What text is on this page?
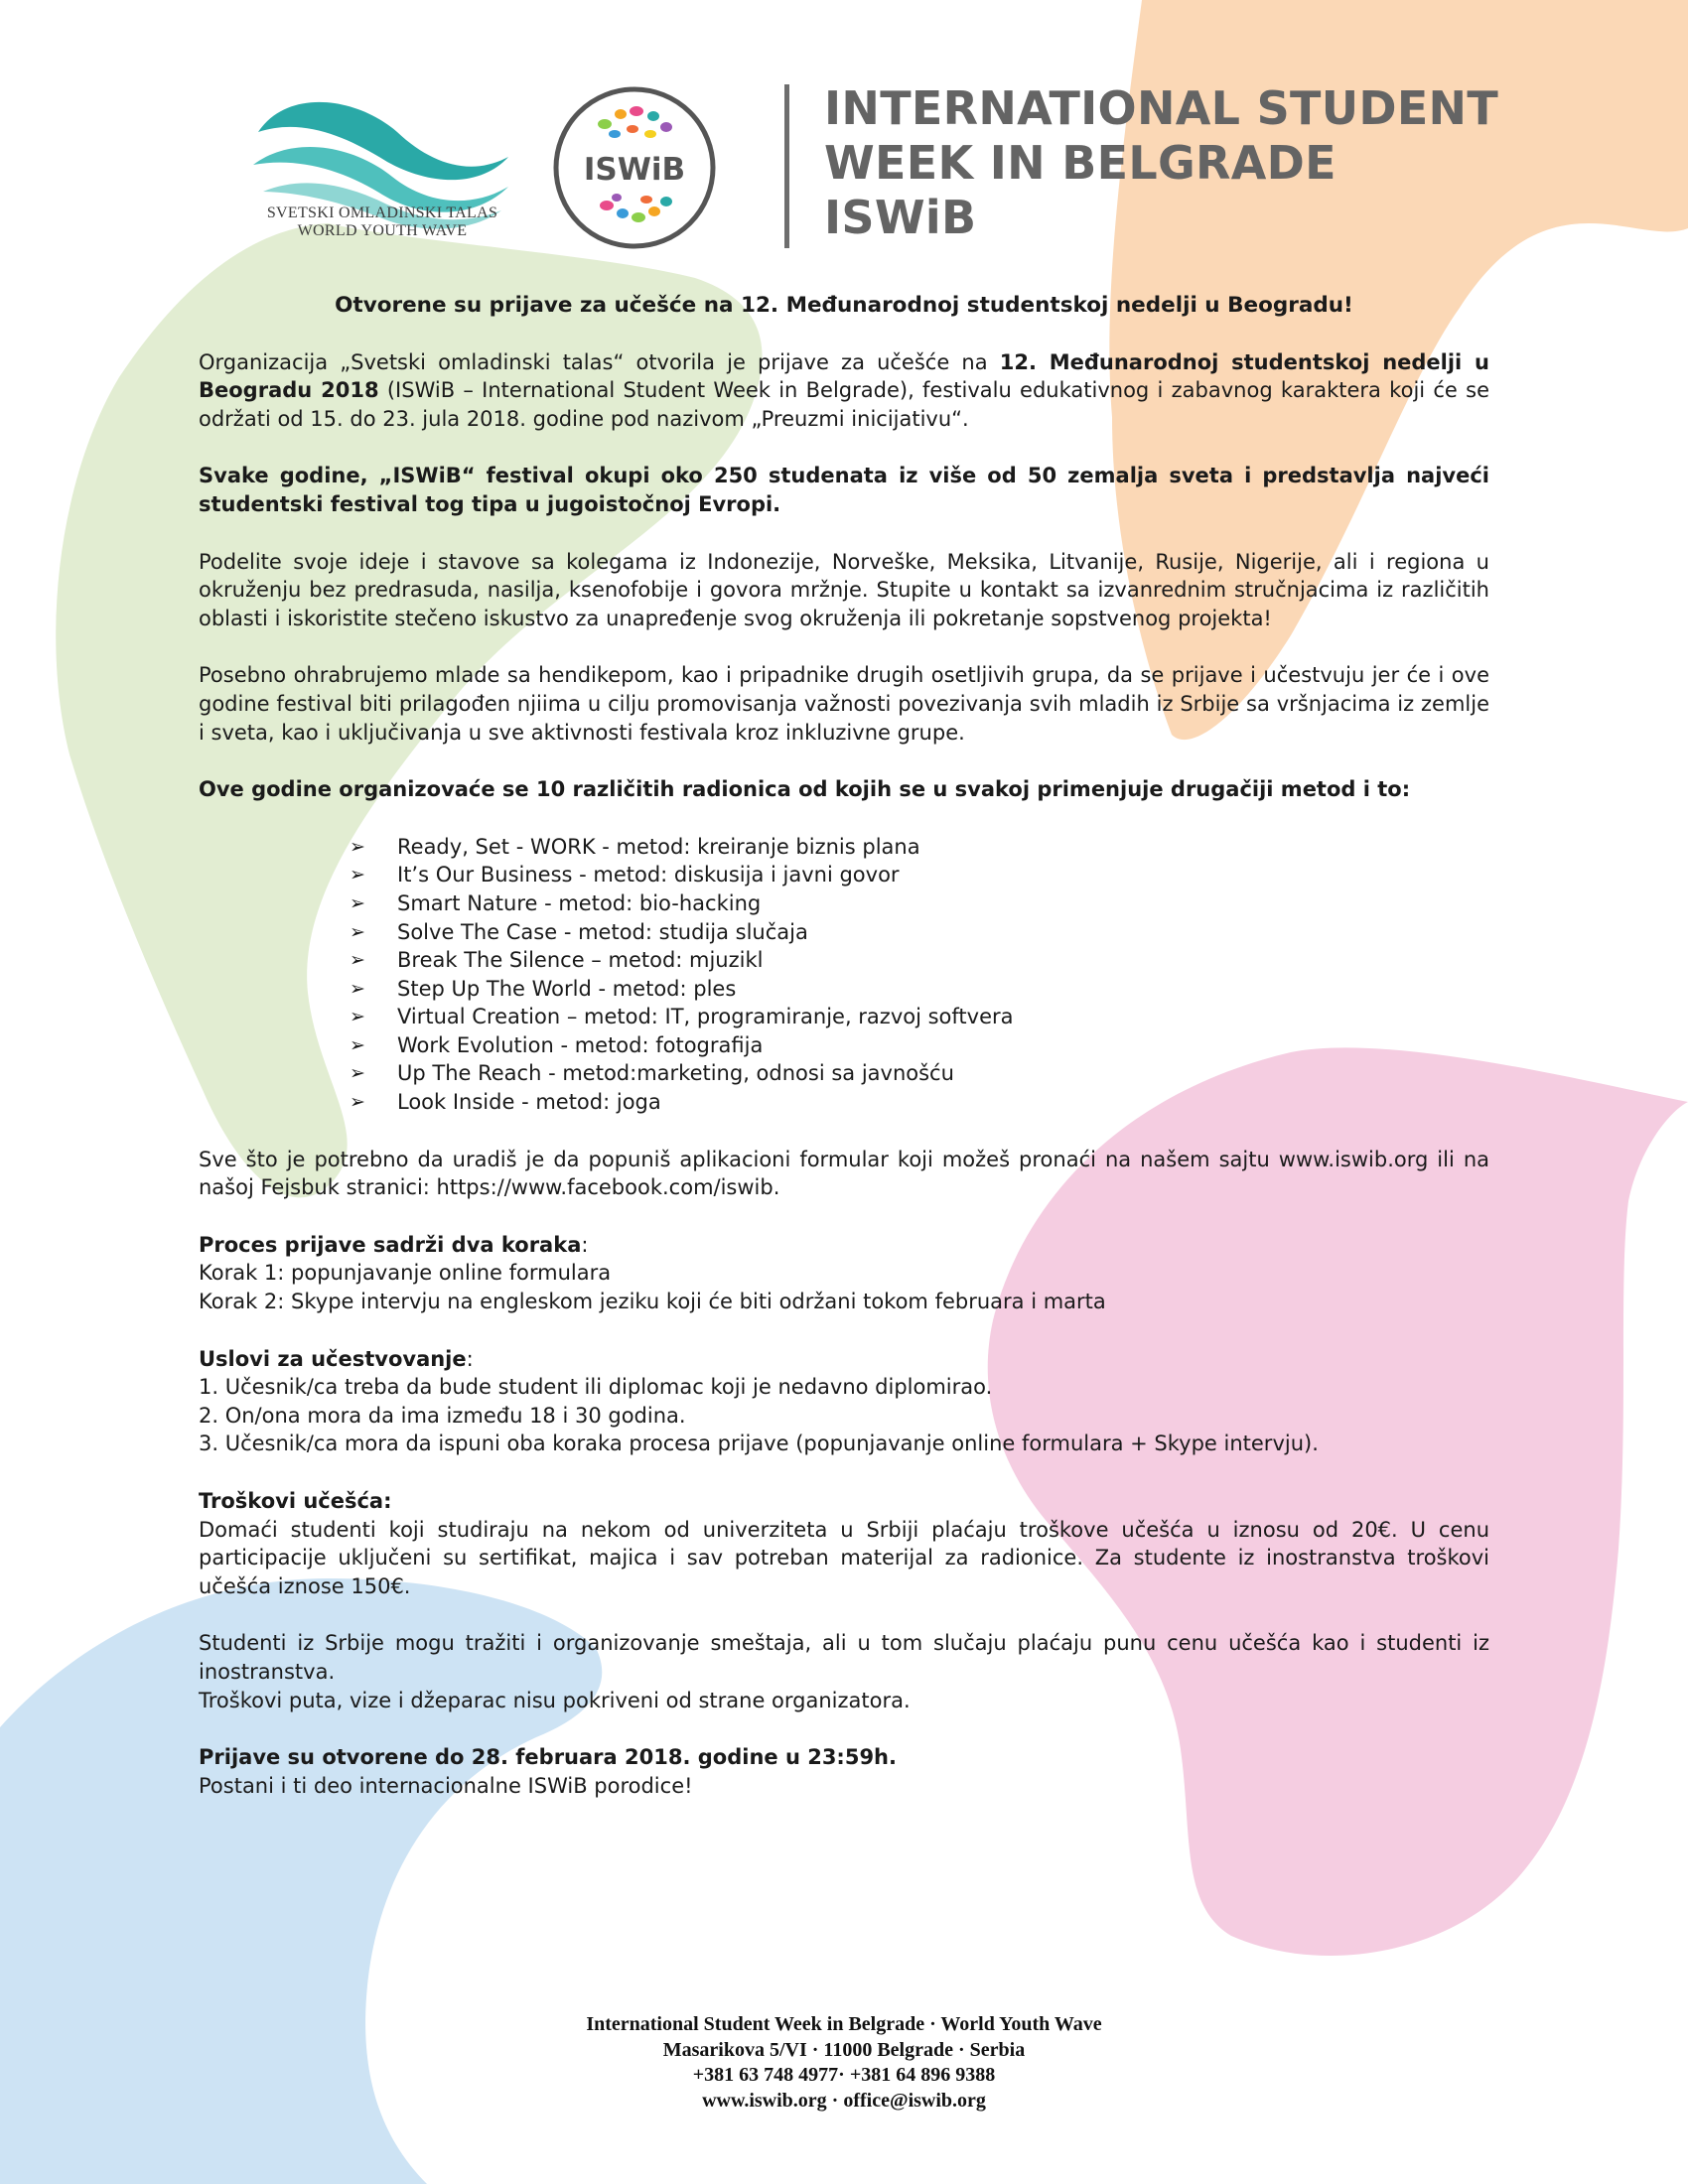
SVETSKI OMLADINSKI TALAS
WORLD YOUTH WAVE
ISWiB
INTERNATIONAL STUDENT
WEEK IN BELGRADE
ISWiB

Otvorene su prijave za učešće na 12. Međunarodnoj studentskoj nedelji u Beogradu!

Organizacija „Svetski omladinski talas“ otvorila je prijave za učešće na 12. Međunarodnoj studentskoj nedelji u Beogradu 2018 (ISWiB – International Student Week in Belgrade), festivalu edukativnog i zabavnog karaktera koji će se održati od 15. do 23. jula 2018. godine pod nazivom „Preuzmi inicijativu“.

Svake godine, „ISWiB“ festival okupi oko 250 studenata iz više od 50 zemalja sveta i predstavlja najveći studentski festival tog tipa u jugoistočnoj Evropi.

Podelite svoje ideje i stavove sa kolegama iz Indonezije, Norveške, Meksika, Litvanije, Rusije, Nigerije, ali i regiona u okruženju bez predrasuda, nasilja, ksenofobije i govora mržnje. Stupite u kontakt sa izvanrednim stručnjacima iz različitih oblasti i iskoristite stečeno iskustvo za unapređenje svog okruženja ili pokretanje sopstvenog projekta!

Posebno ohrabrujemo mlade sa hendikepom, kao i pripadnike drugih osetljivih grupa, da se prijave i učestvuju jer će i ove godine festival biti prilagođen njiima u cilju promovisanja važnosti povezivanja svih mladih iz Srbije sa vršnjacima iz zemlje i sveta, kao i uključivanja u sve aktivnosti festivala kroz inkluzivne grupe.

Ove godine organizovaće se 10 različitih radionica od kojih se u svakoj primenjuje drugačiji metod i to:

➢ Ready, Set - WORK - metod: kreiranje biznis plana
➢ It’s Our Business - metod: diskusija i javni govor
➢ Smart Nature - metod: bio-hacking
➢ Solve The Case - metod: studija slučaja
➢ Break The Silence – metod: mjuzikl
➢ Step Up The World - metod: ples
➢ Virtual Creation – metod: IT, programiranje, razvoj softvera
➢ Work Evolution - metod: fotografija
➢ Up The Reach - metod:marketing, odnosi sa javnošću
➢ Look Inside - metod: joga

Sve što je potrebno da uradiš je da popuniš aplikacioni formular koji možeš pronaći na našem sajtu www.iswib.org ili na našoj Fejsbuk stranici: https://www.facebook.com/iswib.

Proces prijave sadrži dva koraka:

Korak 1: popunjavanje online formulara

Korak 2: Skype intervju na engleskom jeziku koji će biti održani tokom februara i marta

Uslovi za učestvovanje:

1. Učesnik/ca treba da bude student ili diplomac koji je nedavno diplomirao.

2. On/ona mora da ima između 18 i 30 godina.

3. Učesnik/ca mora da ispuni oba koraka procesa prijave (popunjavanje online formulara + Skype intervju).

Troškovi učešća:

Domaći studenti koji studiraju na nekom od univerziteta u Srbiji plaćaju troškove učešća u iznosu od 20€. U cenu participacije uključeni su sertifikat, majica i sav potreban materijal za radionice. Za studente iz inostranstva troškovi učešća iznose 150€.

Studenti iz Srbije mogu tražiti i organizovanje smeštaja, ali u tom slučaju plaćaju punu cenu učešća kao i studenti iz inostranstva.

Troškovi puta, vize i džeparac nisu pokriveni od strane organizatora.

Prijave su otvorene do 28. februara 2018. godine u 23:59h.

Postani i ti deo internacionalne ISWiB porodice!

International Student Week in Belgrade · World Youth Wave
Masarikova 5/VI · 11000 Belgrade · Serbia
+381 63 748 4977· +381 64 896 9388
www.iswib.org · office@iswib.org
